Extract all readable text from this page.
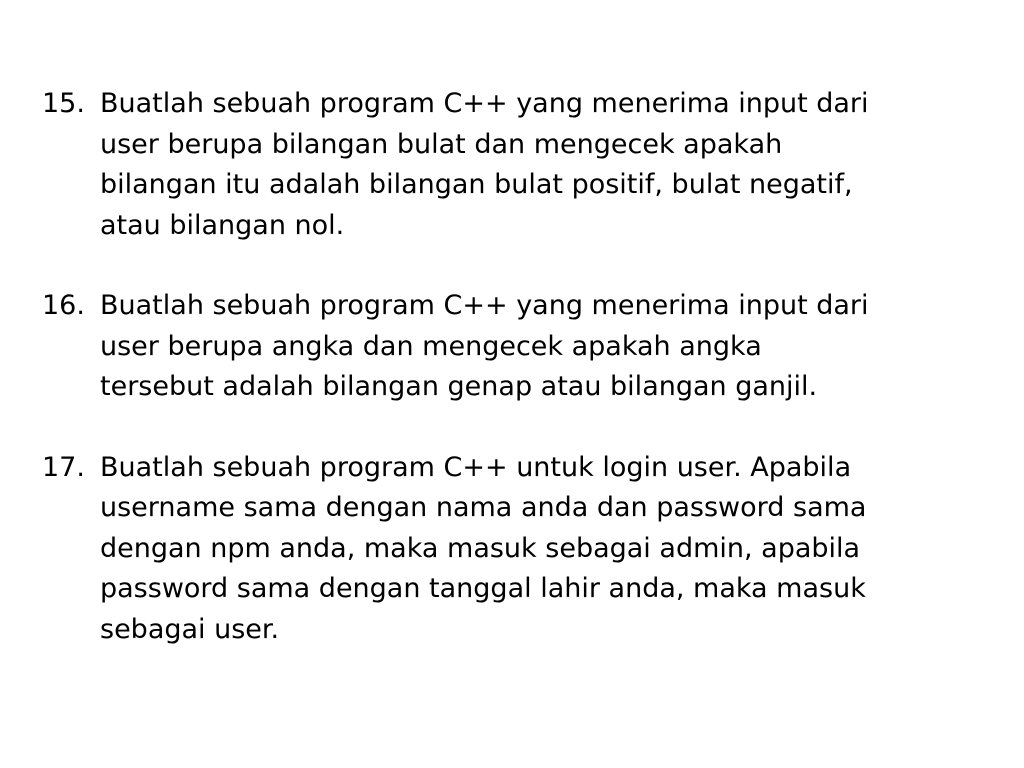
15. Buatlah sebuah program C++ yang menerima input dari
user berupa bilangan bulat dan mengecek apakah
bilangan itu adalah bilangan bulat positif, bulat negatif,
atau bilangan nol.
16. Buatlah sebuah program C++ yang menerima input dari
user berupa angka dan mengecek apakah angka
tersebut adalah bilangan genap atau bilangan ganjil.
17. Buatlah sebuah program C++ untuk login user. Apabila
username sama dengan nama anda dan password sama
dengan npm anda, maka masuk sebagai admin, apabila
password sama dengan tanggal lahir anda, maka masuk
sebagai user.
